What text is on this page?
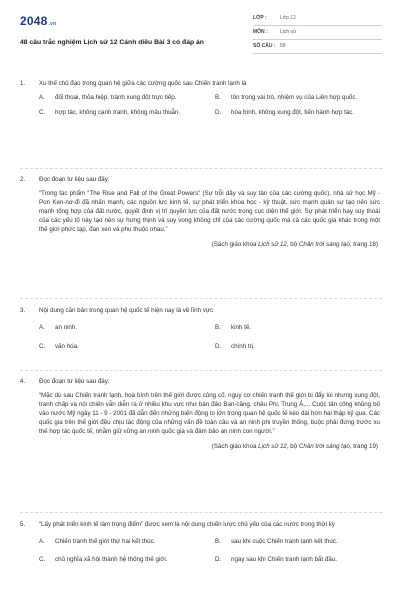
2048.vn
48 câu trắc nghiệm Lịch sử 12 Cánh diều Bài 3 có đáp án
LỚP :	Lớp 12
MÔN :	Lịch sử
SỐ CÂU : 58
1.	Xu thế chủ đạo trong quan hệ giữa các cường quốc sau Chiến tranh lạnh là
A.	đối thoại, thỏa hiệp, tránh xung đột trực tiếp.	B.	tôn trọng vai trò, nhiệm vụ của Liên hợp quốc.
C.	hợp tác, không cạnh tranh, không mâu thuẫn.	D.	hòa bình, không xung đột, tiến hành hợp tác.
2.	Đọc đoạn tư liệu sau đây:
“Trong tác phẩm “The Rise and Fall of the Great Powers” (Sự trỗi dậy và suy tàn của các cường quốc), nhà sử học Mỹ - Pon Ken-nơ-đi đã nhấn mạnh, các nguồn lực kinh tế, sự phát triển khoa học - kỹ thuật, sức mạnh quân sự tạo nên sức mạnh tổng hợp của đất nước, quyết định vị trí quyền lực của đất nước trong cục diện thế giới. Sự phát triển hay suy thoái của các yếu tố này tạo nên sự hưng thịnh và suy vong không chỉ của các cường quốc mà cả các quốc gia khác trong một thế giới phức tạp, đan xen và phụ thuộc nhau.”
(Sách giáo khoa Lịch sử 12, bộ Chân trời sáng tạo, trang 18)
3.	Nội dung căn bản trong quan hệ quốc tế hiện nay là về lĩnh vực
A.	an ninh.	B.	kinh tế.
C.	văn hóa.	D.	chính trị.
4.	Đọc đoạn tư liệu sau đây:
“Mặc dù sau Chiến tranh lạnh, hoà bình trên thế giới được củng cố, nguy cơ chiến tranh thế giới bị đẩy lùi nhưng xung đột, tranh chấp và nội chiến vẫn diễn ra ở nhiều khu vực như bán đảo Ban-căng, châu Phi, Trung Á,... Cuộc tấn công khủng bố vào nước Mỹ ngày 11 - 9 - 2001 đã dẫn đến những biến động to lớn trong quan hệ quốc tế kéo dài hơn hai thập kỷ qua. Các quốc gia trên thế giới đều chịu tác động của những vấn đề toàn cầu và an ninh phi truyền thống, buộc phải đứng trước xu thế hợp tác quốc tế, nhằm giữ vững an ninh quốc gia và đảm bảo an ninh con người.”
(Sách giáo khoa Lịch sử 12, bộ Chân trời sáng tạo, trang 19)
5.	“Lấy phát triển kinh tế làm trọng điểm” được xem là nội dung chiến lược chủ yếu của các nước trong thời kỳ
A.	Chiến tranh thế giới thứ hai kết thúc.	B.	sau khi cuộc Chiến tranh lạnh kết thúc.
C.	chủ nghĩa xã hội thành hệ thống thế giới.	D.	ngay sau khi Chiến tranh lạnh bắt đầu.
